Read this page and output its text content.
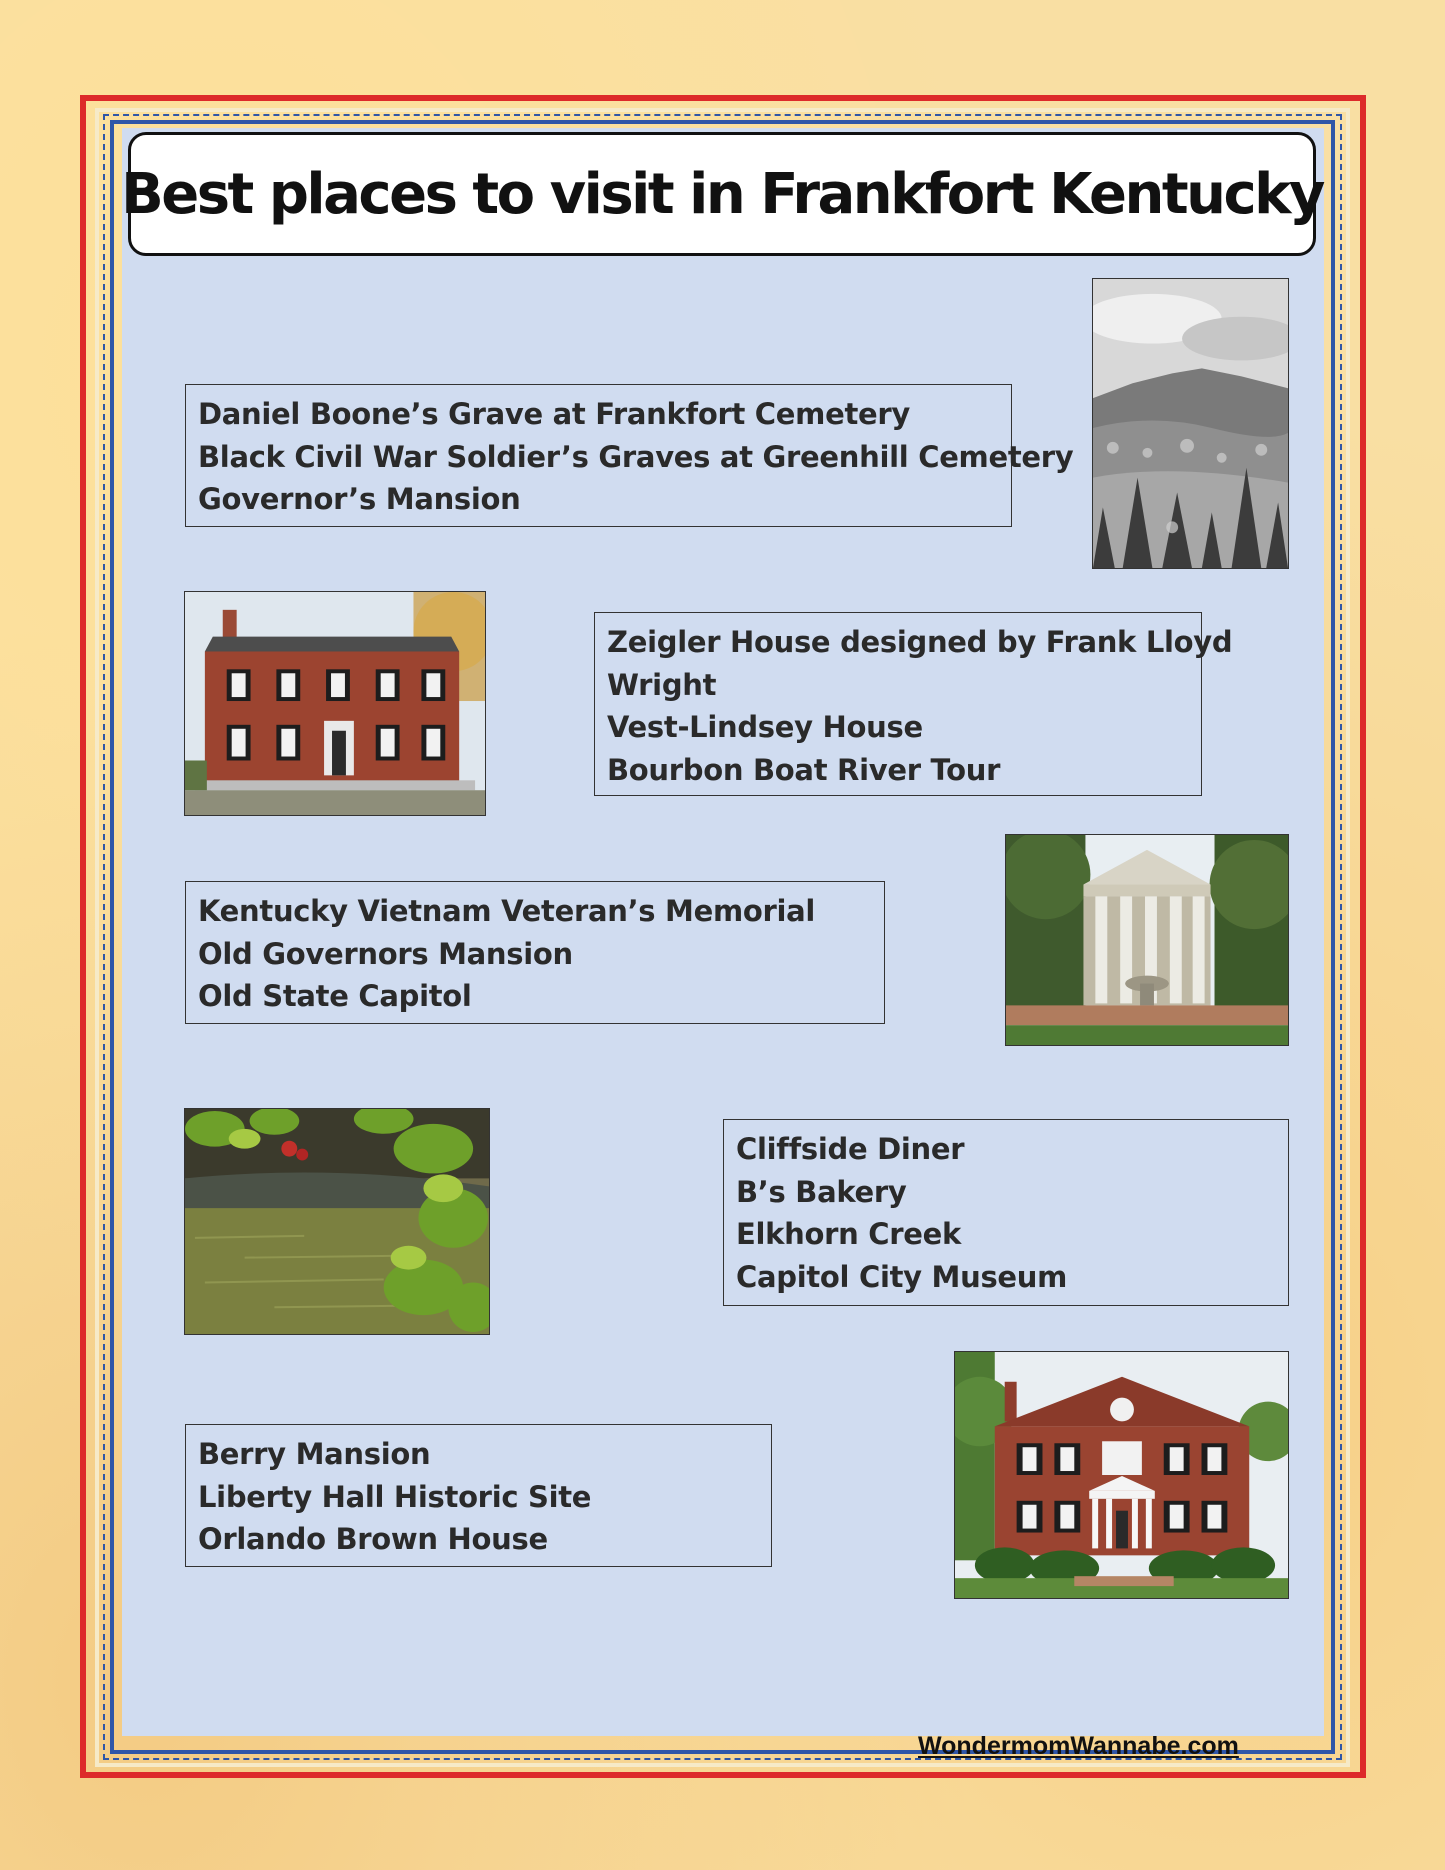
Best places to visit in Frankfort Kentucky
Daniel Boone’s Grave at Frankfort Cemetery
Black Civil War Soldier’s Graves at Greenhill Cemetery
Governor’s Mansion
Zeigler House designed by Frank Lloyd
Wright
Vest-Lindsey House
Bourbon Boat River Tour
Kentucky Vietnam Veteran’s Memorial
Old Governors Mansion
Old State Capitol
Cliffside Diner
B’s Bakery
Elkhorn Creek
Capitol City Museum
Berry Mansion
Liberty Hall Historic Site
Orlando Brown House
WondermomWannabe.com
